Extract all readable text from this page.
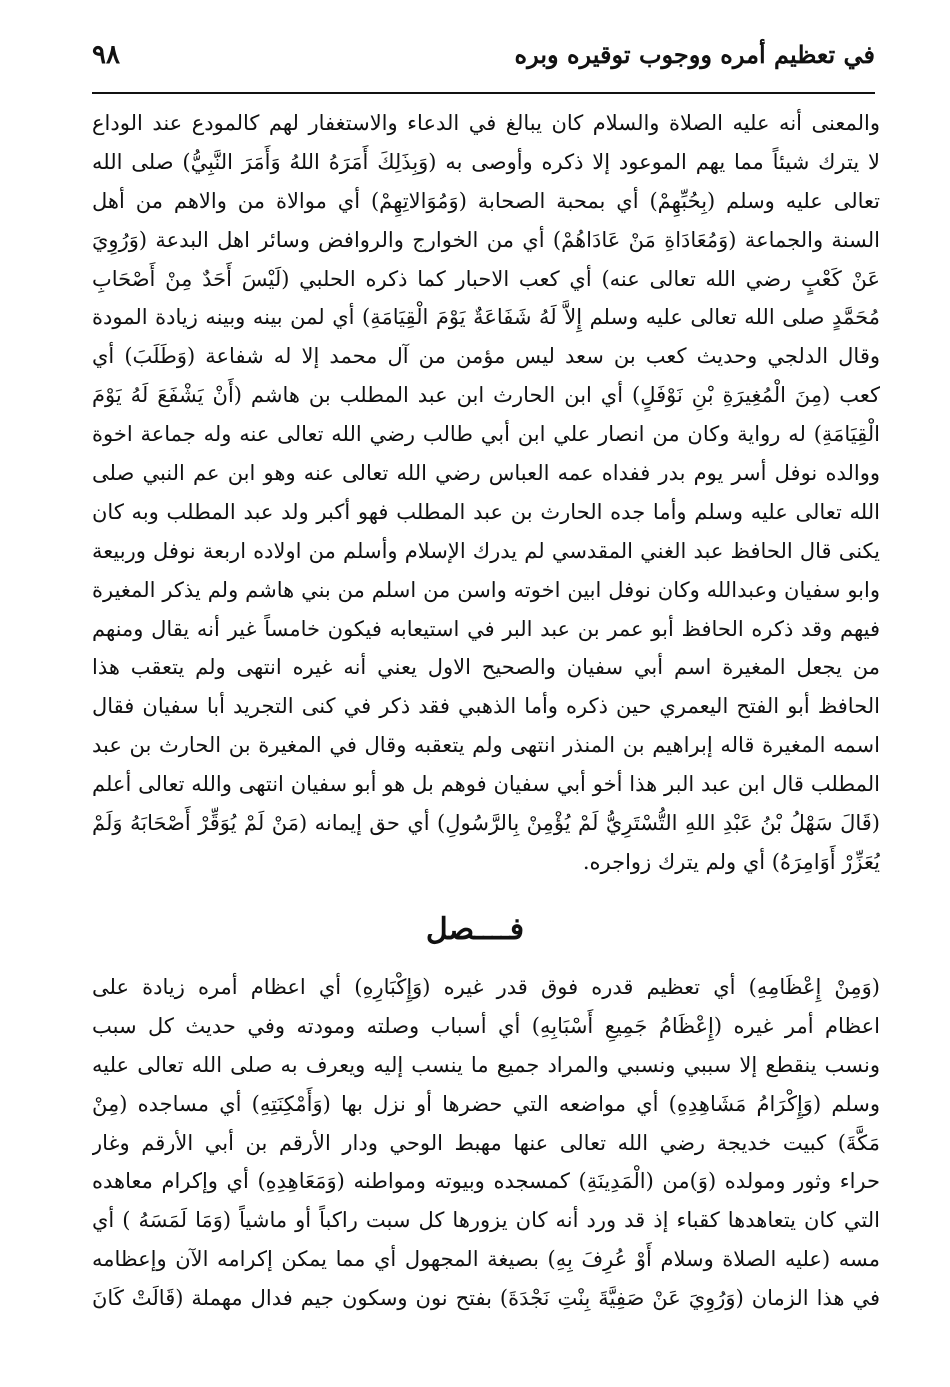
في تعظيم أمره ووجوب توقيره وبره
٩٨
والمعنى أنه عليه الصلاة والسلام كان يبالغ في الدعاء والاستغفار لهم كالمودع عند الوداع
لا يترك شيئاً مما يهم الموعود إلا ذكره وأوصى به (وَبِذَلِكَ أَمَرَهُ اللهُ وَأَمَرَ النَّبِيُّ) صلى الله
تعالى عليه وسلم (بِحُبِّهِمْ) أي بمحبة الصحابة (وَمُوَالاتِهِمْ) أي موالاة من والاهم من أهل
السنة والجماعة (وَمُعَادَاةِ مَنْ عَادَاهُمْ) أي من الخوارج والروافض وسائر اهل البدعة (وَرُوِيَ
عَنْ كَعْبٍ رضي الله تعالى عنه) أي كعب الاحبار كما ذكره الحلبي (لَيْسَ أَحَدٌ مِنْ أَصْحَابِ
مُحَمَّدٍ صلى الله تعالى عليه وسلم إِلاَّ لَهُ شَفَاعَةٌ يَوْمَ الْقِيَامَةِ) أي لمن بينه وبينه زيادة المودة
وقال الدلجي وحديث كعب بن سعد ليس مؤمن من آل محمد إلا له شفاعة (وَطَلَبَ) أي
كعب (مِنَ الْمُغِيرَةِ بْنِ نَوْفَلٍ) أي ابن الحارث ابن عبد المطلب بن هاشم (أَنْ يَشْفَعَ لَهُ يَوْمَ
الْقِيَامَةِ) له رواية وكان من انصار علي ابن أبي طالب رضي الله تعالى عنه وله جماعة اخوة
ووالده نوفل أسر يوم بدر ففداه عمه العباس رضي الله تعالى عنه وهو ابن عم النبي صلى
الله تعالى عليه وسلم وأما جده الحارث بن عبد المطلب فهو أكبر ولد عبد المطلب وبه كان
يكنى قال الحافظ عبد الغني المقدسي لم يدرك الإسلام وأسلم من اولاده اربعة نوفل وربيعة
وابو سفيان وعبدالله وكان نوفل ابين اخوته واسن من اسلم من بني هاشم ولم يذكر المغيرة
فيهم وقد ذكره الحافظ أبو عمر بن عبد البر في استيعابه فيكون خامساً غير أنه يقال ومنهم
من يجعل المغيرة اسم أبي سفيان والصحيح الاول يعني أنه غيره انتهى ولم يتعقب هذا
الحافظ أبو الفتح اليعمري حين ذكره وأما الذهبي فقد ذكر في كنى التجريد أبا سفيان فقال
اسمه المغيرة قاله إبراهيم بن المنذر انتهى ولم يتعقبه وقال في المغيرة بن الحارث بن عبد
المطلب قال ابن عبد البر هذا أخو أبي سفيان فوهم بل هو أبو سفيان انتهى والله تعالى أعلم
(قَالَ سَهْلُ بْنُ عَبْدِ اللهِ التُّسْتَرِيُّ لَمْ يُؤْمِنْ بِالرَّسُولِ) أي حق إيمانه (مَنْ لَمْ يُوَقِّرْ أَصْحَابَهُ وَلَمْ
يُعَزِّرْ أَوَامِرَهُ) أي ولم يترك زواجره.
فــــصل
(وَمِنْ إِعْظَامِهِ) أي تعظيم قدره فوق قدر غيره (وَإِكْبَارِهِ) أي اعظام أمره زيادة على
اعظام أمر غيره (إِعْظَامُ جَمِيعِ أَسْبَابِهِ) أي أسباب وصلته ومودته وفي حديث كل سبب
ونسب ينقطع إلا سببي ونسبي والمراد جميع ما ينسب إليه ويعرف به صلى الله تعالى عليه
وسلم (وَإِكْرَامُ مَشَاهِدِهِ) أي مواضعه التي حضرها أو نزل بها (وَأَمْكِنَتِهِ) أي مساجده (مِنْ
مَكَّةَ) كبيت خديجة رضي الله تعالى عنها مهبط الوحي ودار الأرقم بن أبي الأرقم وغار
حراء وثور ومولده (وَ)من (الْمَدِينَةِ) كمسجده وبيوته ومواطنه (وَمَعَاهِدِهِ) أي وإكرام معاهده
التي كان يتعاهدها كقباء إذ قد ورد أنه كان يزورها كل سبت راكباً أو ماشياً (وَمَا لَمَسَهُ ) أي
مسه (عليه الصلاة وسلام أَوْ عُرِفَ بِهِ) بصيغة المجهول أي مما يمكن إكرامه الآن وإعظامه
في هذا الزمان (وَرُوِيَ عَنْ صَفِيَّةَ بِنْتِ نَجْدَةَ) بفتح نون وسكون جيم فدال مهملة (قَالَتْ كَانَ
